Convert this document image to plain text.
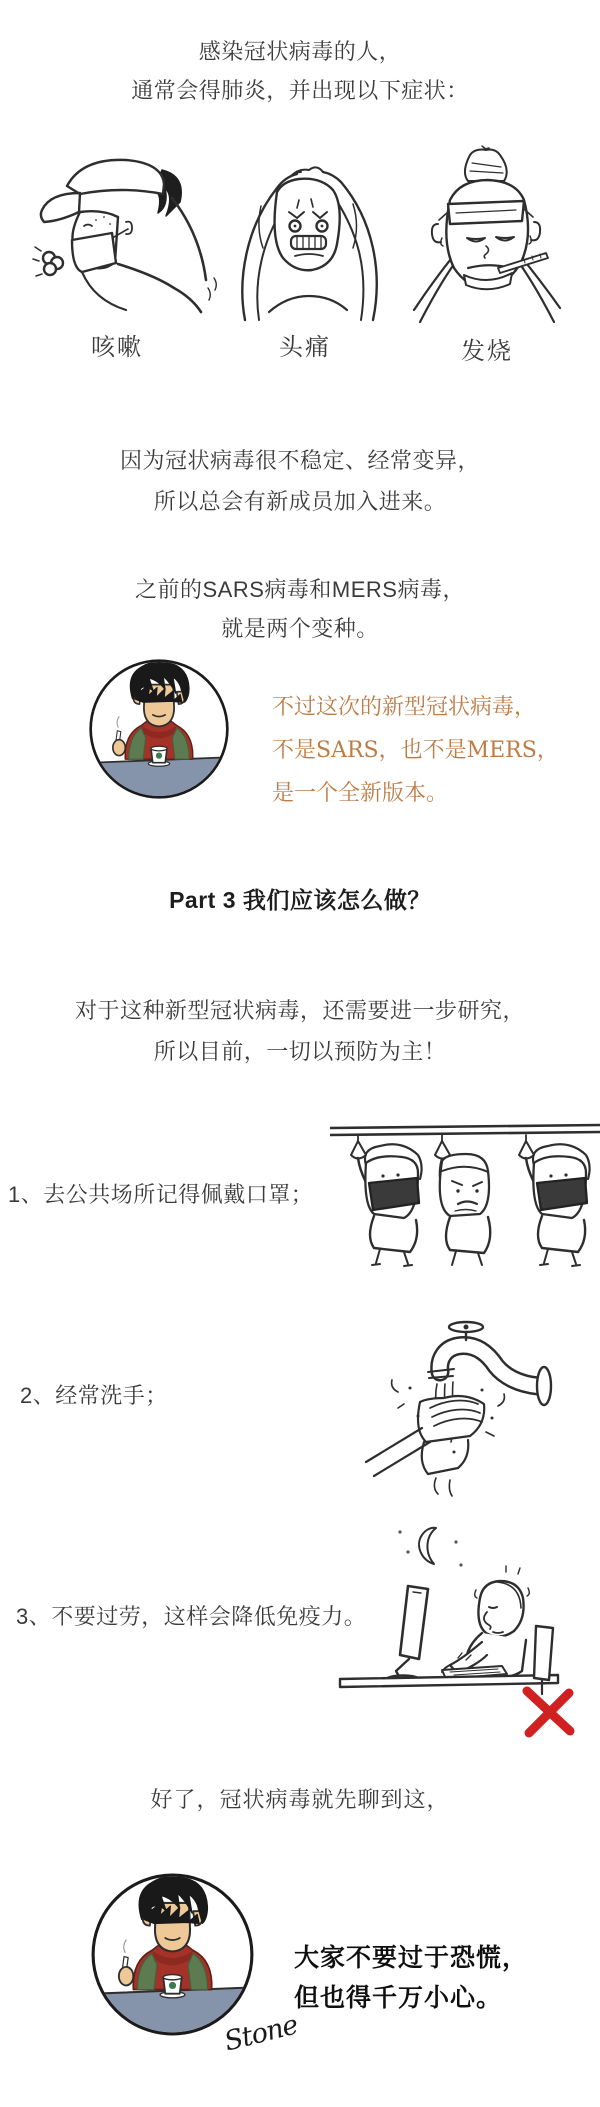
感染冠状病毒的人，
通常会得肺炎，并出现以下症状：
咳嗽	头痛	发烧
因为冠状病毒很不稳定、经常变异，
所以总会有新成员加入进来。
之前的SARS病毒和MERS病毒，
就是两个变种。
不过这次的新型冠状病毒，
不是SARS，也不是MERS，
是一个全新版本。
Part 3 我们应该怎么做？
对于这种新型冠状病毒，还需要进一步研究，
所以目前，一切以预防为主！
1、去公共场所记得佩戴口罩；
2、经常洗手；
3、不要过劳，这样会降低免疫力。
好了，冠状病毒就先聊到这，
大家不要过于恐慌，
但也得千万小心。
Stone
